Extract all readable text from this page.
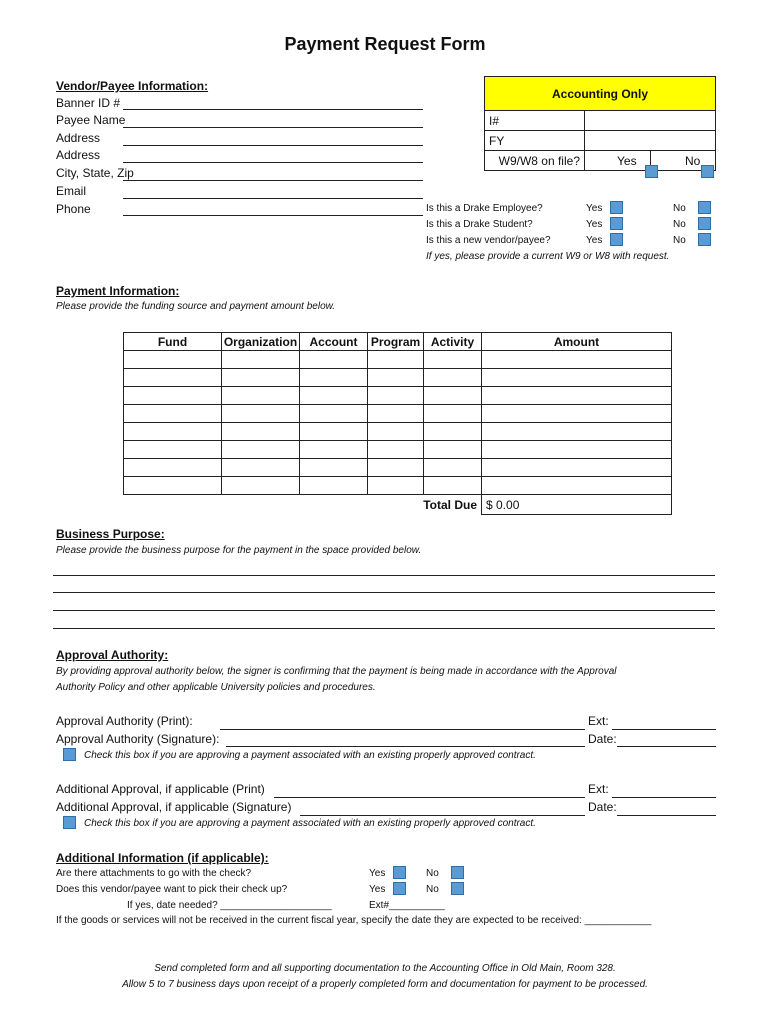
Payment Request Form
Vendor/Payee Information:
Banner ID #
Payee Name
Address
Address
City, State, Zip
Email
Phone
Accounting Only		
I#		
FY		
W9/W8 on file?	Yes	No
Is this a Drake Employee?	Yes	No
Is this a Drake Student?	Yes	No
Is this a new vendor/payee?	Yes	No
If yes, please provide a current W9 or W8 with request.
Payment Information:
Please provide the funding source and payment amount below.
Fund	Organization	Account	Program	Activity	Amount

Total Due					$ 0.00
Business Purpose:
Please provide the business purpose for the payment in the space provided below.
Approval Authority:
By providing approval authority below, the signer is confirming that the payment is being made in accordance with the Approval
Authority Policy and other applicable University policies and procedures.
Approval Authority (Print):	Ext:
Approval Authority (Signature):	Date:
Check this box if you are approving a payment associated with an existing properly approved contract.
Additional Approval, if applicable (Print)	Ext:
Additional Approval, if applicable (Signature)	Date:
Check this box if you are approving a payment associated with an existing properly approved contract.
Additional Information (if applicable):
Are there attachments to go with the check?	Yes	No
Does this vendor/payee want to pick their check up?	Yes	No
If yes, date needed? ____________________	Ext#__________
If the goods or services will not be received in the current fiscal year, specify the date they are expected to be received: ____________
Send completed form and all supporting documentation to the Accounting Office in Old Main, Room 328.
Allow 5 to 7 business days upon receipt of a properly completed form and documentation for payment to be processed.
